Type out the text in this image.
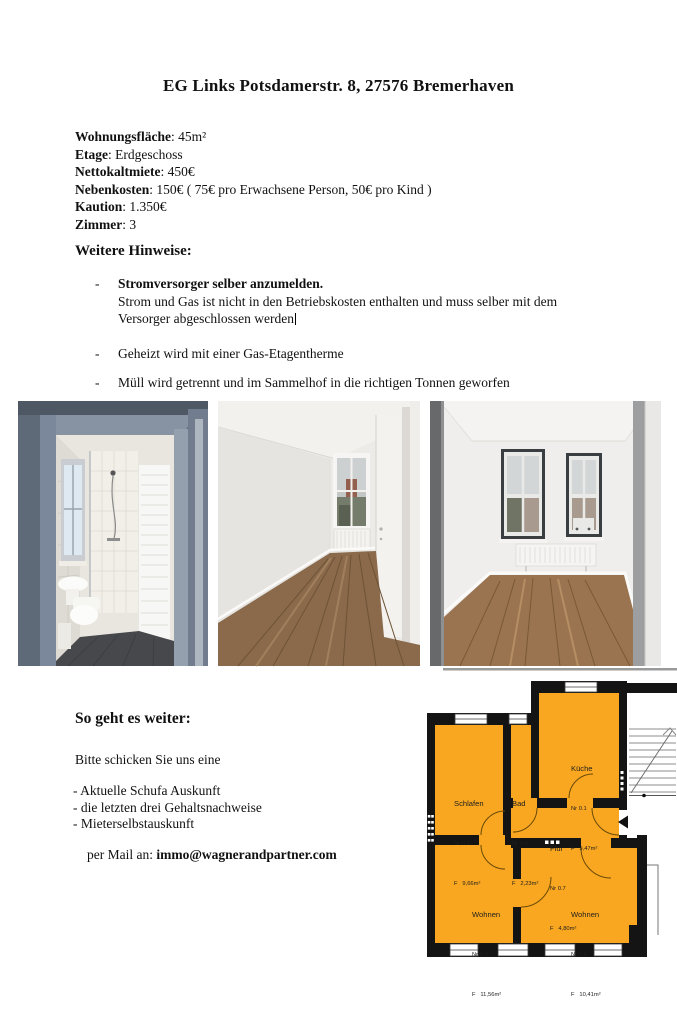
EG Links Potsdamerstr. 8, 27576 Bremerhaven
Wohnungsfläche: 45m²
Etage: Erdgeschoss
Nettokaltmiete: 450€
Nebenkosten: 150€ ( 75€ pro Erwachsene Person, 50€ pro Kind )
Kaution: 1.350€
Zimmer: 3
Weitere Hinweise:
-	Stromversorger selber anzumelden.
Strom und Gas ist nicht in den Betriebskosten enthalten und muss selber mit dem Versorger abgeschlossen werden
-	Geheizt wird mit einer Gas-Etagentherme
-	Müll wird getrennt und im Sammelhof in die richtigen Tonnen geworfen
So geht es weiter:
Bitte schicken Sie uns eine
- Aktuelle Schufa Auskunft
- die letzten drei Gehaltsnachweise
- Mieterselbstauskunft
per Mail an: immo@wagnerandpartner.com

Küche

Nr 0.1

F   9,47m²

Schlafen

Nr 0.2

F   9,66m²

Bad

Nr 0.6

F   2,23m²

Flur

Nr 0.7

F   4,80m²

Wohnen

Nr 0.3

F   11,56m²

Wohnen

Nr 0.4

F   10,41m²
